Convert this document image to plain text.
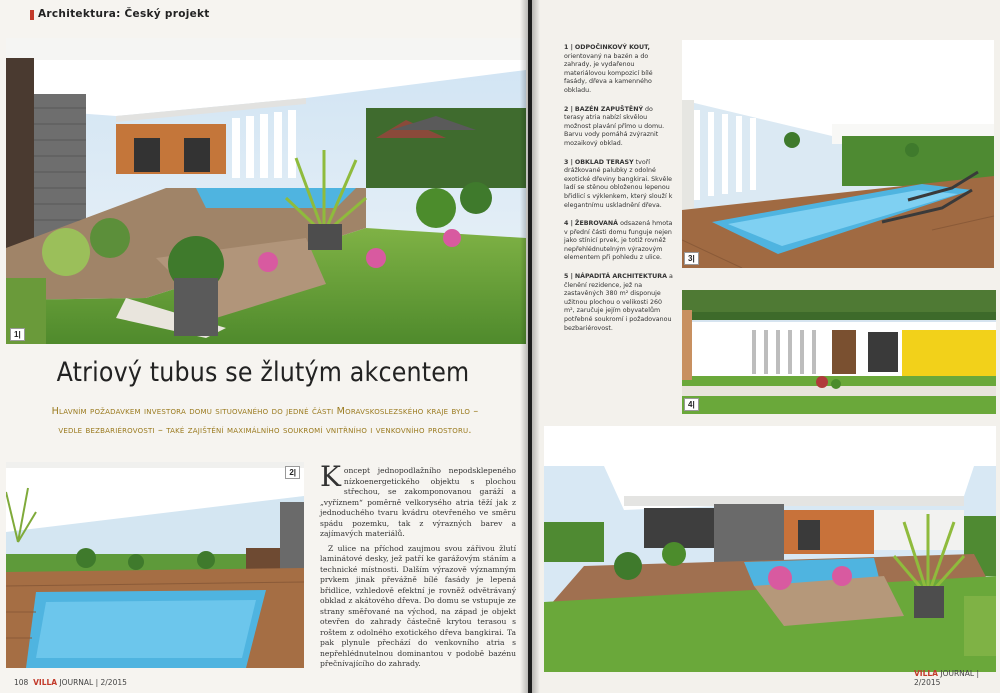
Architektura: Český projekt
1|
Atriový tubus se žlutým akcentem
Hlavním požadavkem investora domu situovaného do jedné části Moravskoslezského kraje bylo – vedle bezbariérovosti – také zajištění maximálního soukromí vnitřního i venkovního prostoru.
2| Koncept jednopodlažního nepodsklepeného nízkoenergetického objektu s plochou střechou, se zakomponovanou garáží a „vyříznem“ poměrně velkorysého atria těží jak z jednoduchého tvaru kvádru otevřeného ve směru spádu pozemku, tak z výrazných barev a zajímavých materiálů.

Z ulice na příchod zaujmou svou zářivou žlutí laminátové desky, jež patří ke garážovým stáním a technické místnosti. Dalším výrazově významným prvkem jinak převážně bílé fasády je lepená břidlice, vzhledově efektní je rovněž odvětrávaný obklad z akátového dřeva. Do domu se vstupuje ze strany směřované na východ, na západ je objekt otevřen do zahrady částečně krytou terasou s roštem z odolného exotického dřeva bangkirai. Ta pak plynule přechází do venkovního atria s nepřehlédnutelnou dominantou v podobě bazénu přečnívajícího do zahrady.

108 VILLA JOURNAL | 2/2015
1 | ODPOČINKOVÝ KOUT, orientovaný na bazén a do zahrady, je vydařenou materiálovou kompozicí bílé fasády, dřeva a kamenného obkladu.
2 | BAZÉN ZAPUŠTĚNÝ do terasy atria nabízí skvělou možnost plavání přímo u domu. Barvu vody pomáhá zvýraznit mozaikový obklad.
3 | OBKLAD TERASY tvoří drážkované palubky z odolné exotické dřeviny bangkirai. Skvěle ladí se stěnou obloženou lepenou břidlicí s výklenkem, který slouží k elegantnímu uskladnění dřeva.
4 | ŽEBROVANÁ odsazená hmota v přední části domu funguje nejen jako stínicí prvek, je totiž rovněž nepřehlédnutelným výrazovým elementem při pohledu z ulice.
5 | NÁPADITÁ ARCHITEKTURA a členění rezidence, jež na zastavěných 380 m² disponuje užitnou plochou o velikosti 260 m², zaručuje jejím obyvatelům potřebné soukromí i požadovanou bezbariérovost.
3|
4|
VILLA JOURNAL | 2/2015
